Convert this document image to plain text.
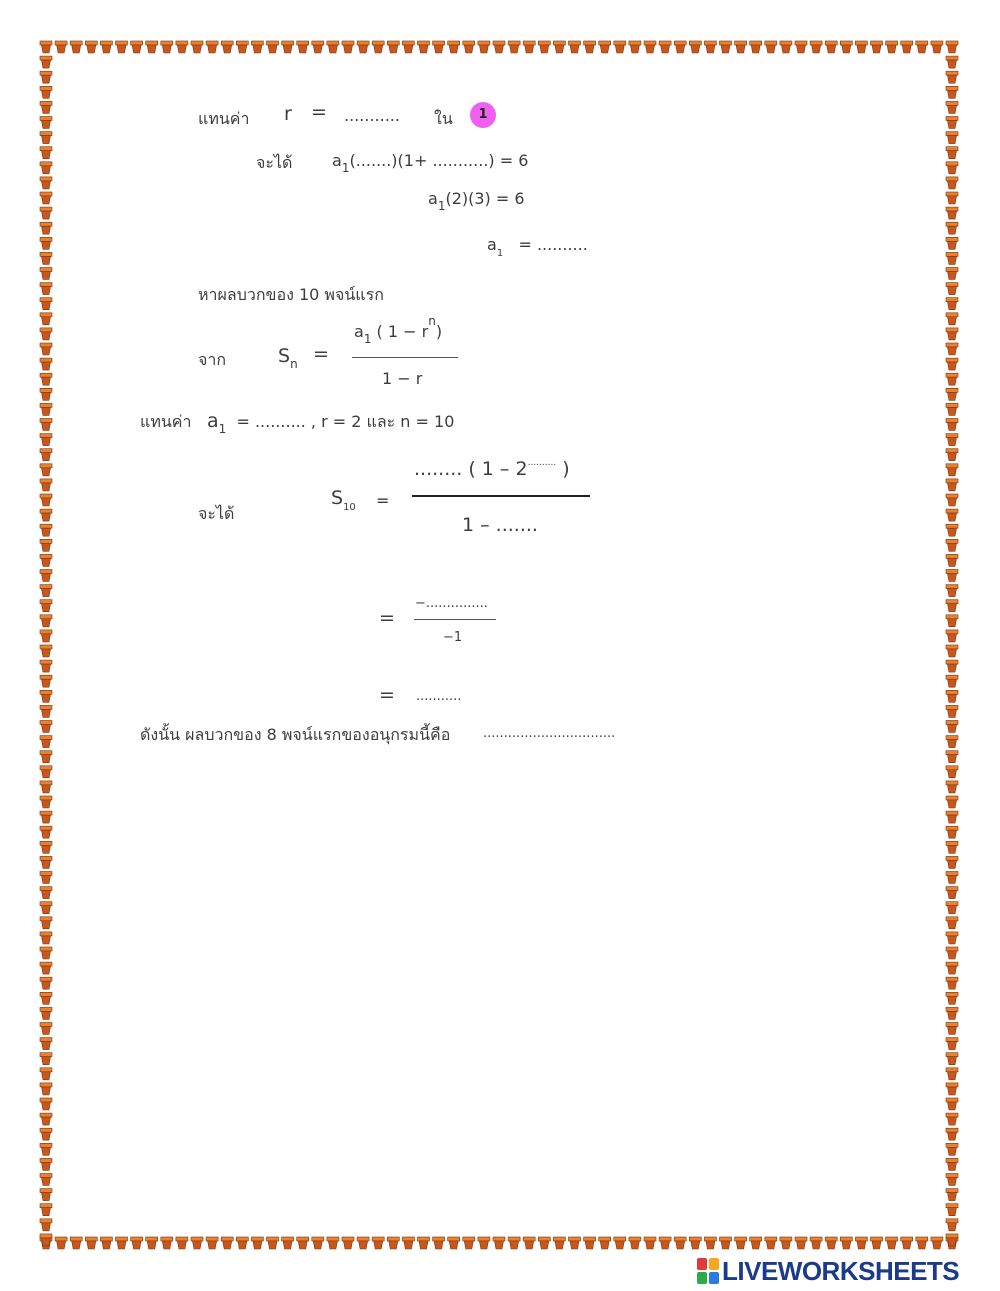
แทนค่า r = ........... ใน	1
จะได้ $a_1(.......)(1+$ ...........) = 6
$a_1(2)(3) = 6$
$a_1$ = ..........
หาผลบวกของ 10 พจน์แรก
จาก	$S_n$ =
$a_1$ ( $1 - r^n$)
1 − r
แทนค่า $a_1$ = .......... , r = 2 และ n = 10
จะได้
$S_{10}$ =
........ ( 1 – 2.......... )
1 – .......
=
−...............
−1
= ...........
ดังนั้น ผลบวกของ 8 พจน์แรกของอนุกรมนี้คือ	................................
LIVEWORKSHEETS
